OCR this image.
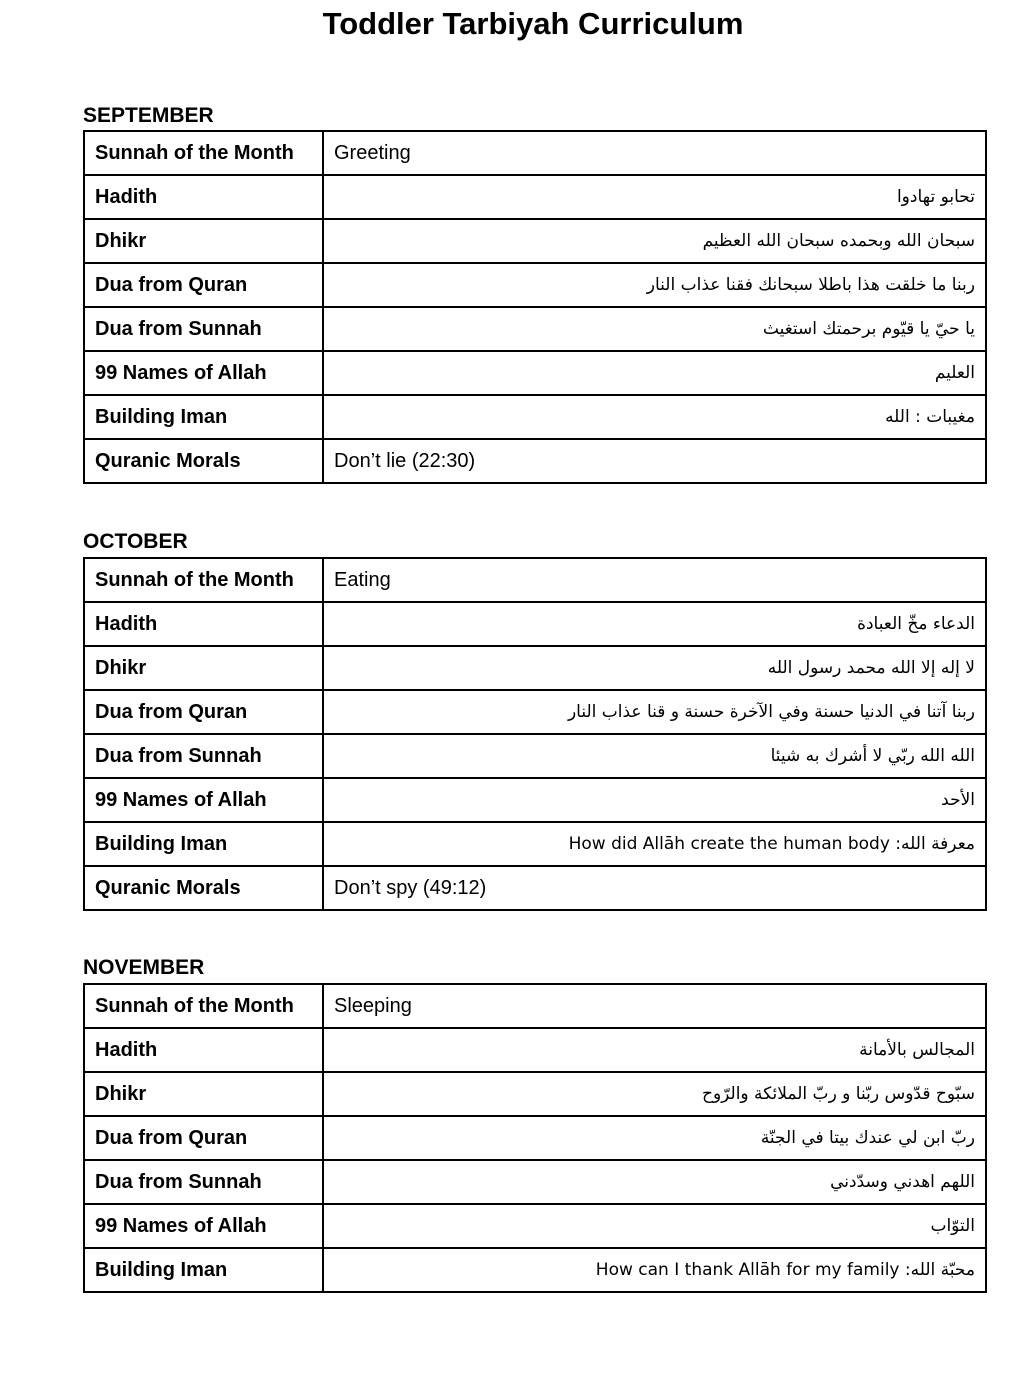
Toddler Tarbiyah Curriculum
SEPTEMBER
Sunnah of the Month	Greeting
Hadith	تحابو تهادوا
Dhikr	سبحان الله وبحمده سبحان الله العظيم
Dua from Quran	ربنا ما خلقت هذا باطلا سبحانك فقنا عذاب النار
Dua from Sunnah	يا حيّ يا قيّوم برحمتك استغيث
99 Names of Allah	العليم
Building Iman	مغيبات : الله
Quranic Morals	Don’t lie (22:30)
OCTOBER
Sunnah of the Month	Eating
Hadith	الدعاء مخّ العبادة
Dhikr	لا إله إلا الله محمد رسول الله
Dua from Quran	ربنا آتنا في الدنيا حسنة وفي الآخرة حسنة و قنا عذاب النار
Dua from Sunnah	الله الله ربّي لا أشرك به شيئا
99 Names of Allah	الأحد
Building Iman	معرفة الله: How did Allāh create the human body
Quranic Morals	Don’t spy (49:12)
NOVEMBER
Sunnah of the Month	Sleeping
Hadith	المجالس بالأمانة
Dhikr	سبّوح قدّوس ربّنا و ربّ الملائكة والرّوح
Dua from Quran	ربّ ابن لي عندك بيتا في الجنّة
Dua from Sunnah	اللهم اهدني وسدّدني
99 Names of Allah	التوّاب
Building Iman	محبّة الله: How can I thank Allāh for my family
